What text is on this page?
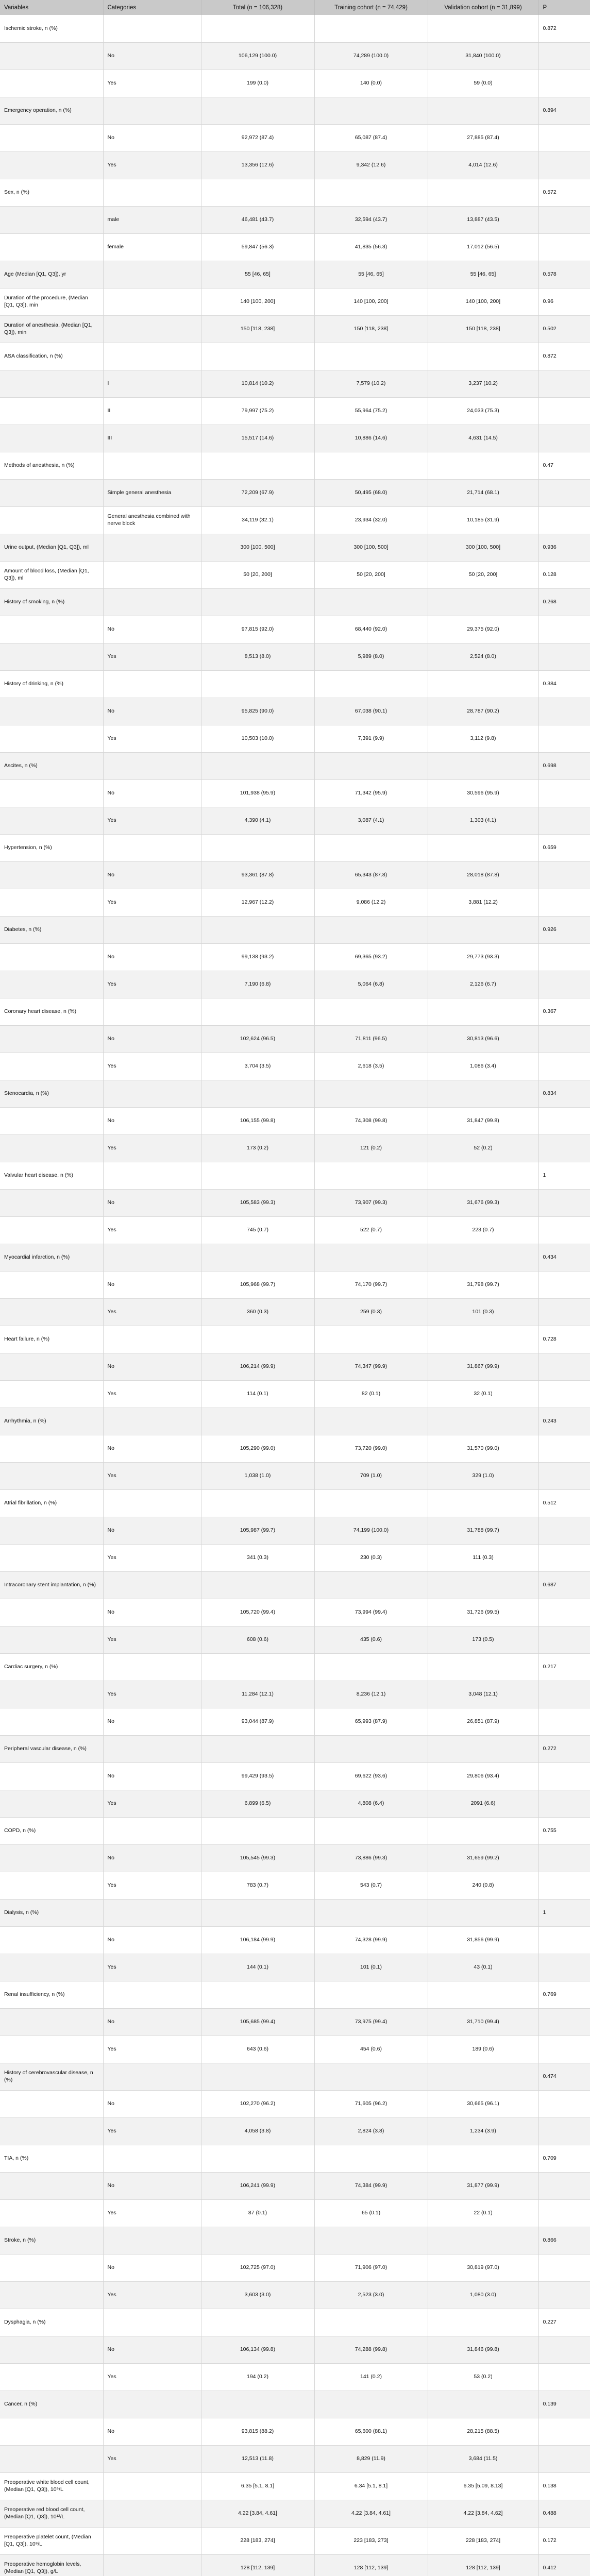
Variables	Categories	Total (n = 106,328)	Training cohort (n = 74,429)	Validation cohort (n = 31,899)	P
Ischemic stroke, n (%)					0.872
	No	106,129 (100.0)	74,289 (100.0)	31,840 (100.0)	
	Yes	199 (0.0)	140 (0.0)	59 (0.0)	
Emergency operation, n (%)					0.894
	No	92,972 (87.4)	65,087 (87.4)	27,885 (87.4)	
	Yes	13,356 (12.6)	9,342 (12.6)	4,014 (12.6)	
Sex, n (%)					0.572
	male	46,481 (43.7)	32,594 (43.7)	13,887 (43.5)	
	female	59,847 (56.3)	41,835 (56.3)	17,012 (56.5)	
Age (Median [Q1, Q3]), yr		55 [46, 65]	55 [46, 65]	55 [46, 65]	0.578
Duration of the procedure, (Median [Q1, Q3]), min		140 [100, 200]	140 [100, 200]	140 [100, 200]	0.96
Duration of anesthesia, (Median [Q1, Q3]), min		150 [118, 238]	150 [118, 238]	150 [118, 238]	0.502
ASA classification, n (%)					0.872
	I	10,814 (10.2)	7,579 (10.2)	3,237 (10.2)	
	II	79,997 (75.2)	55,964 (75.2)	24,033 (75.3)	
	III	15,517 (14.6)	10,886 (14.6)	4,631 (14.5)	
Methods of anesthesia, n (%)					0.47
	Simple general anesthesia	72,209 (67.9)	50,495 (68.0)	21,714 (68.1)	
	General anesthesia combined with nerve block	34,119 (32.1)	23,934 (32.0)	10,185 (31.9)	
Urine output, (Median [Q1, Q3]), ml		300 [100, 500]	300 [100, 500]	300 [100, 500]	0.936
Amount of blood loss, (Median [Q1, Q3]), ml		50 [20, 200]	50 [20, 200]	50 [20, 200]	0.128
History of smoking, n (%)					0.268
	No	97,815 (92.0)	68,440 (92.0)	29,375 (92.0)	
	Yes	8,513 (8.0)	5,989 (8.0)	2,524 (8.0)	
History of drinking, n (%)					0.384
	No	95,825 (90.0)	67,038 (90.1)	28,787 (90.2)	
	Yes	10,503 (10.0)	7,391 (9.9)	3,112 (9.8)	
Ascites, n (%)					0.698
	No	101,938 (95.9)	71,342 (95.9)	30,596 (95.9)	
	Yes	4,390 (4.1)	3,087 (4.1)	1,303 (4.1)	
Hypertension, n (%)					0.659
	No	93,361 (87.8)	65,343 (87.8)	28,018 (87.8)	
	Yes	12,967 (12.2)	9,086 (12.2)	3,881 (12.2)	
Diabetes, n (%)					0.926
	No	99,138 (93.2)	69,365 (93.2)	29,773 (93.3)	
	Yes	7,190 (6.8)	5,064 (6.8)	2,126 (6.7)	
Coronary heart disease, n (%)					0.367
	No	102,624 (96.5)	71,811 (96.5)	30,813 (96.6)	
	Yes	3,704 (3.5)	2,618 (3.5)	1,086 (3.4)	
Stenocardia, n (%)					0.834
	No	106,155 (99.8)	74,308 (99.8)	31,847 (99.8)	
	Yes	173 (0.2)	121 (0.2)	52 (0.2)	
Valvular heart disease, n (%)					1
	No	105,583 (99.3)	73,907 (99.3)	31,676 (99.3)	
	Yes	745 (0.7)	522 (0.7)	223 (0.7)	
Myocardial infarction, n (%)					0.434
	No	105,968 (99.7)	74,170 (99.7)	31,798 (99.7)	
	Yes	360 (0.3)	259 (0.3)	101 (0.3)	
Heart failure, n (%)					0.728
	No	106,214 (99.9)	74,347 (99.9)	31,867 (99.9)	
	Yes	114 (0.1)	82 (0.1)	32 (0.1)	
Arrhythmia, n (%)					0.243
	No	105,290 (99.0)	73,720 (99.0)	31,570 (99.0)	
	Yes	1,038 (1.0)	709 (1.0)	329 (1.0)	
Atrial fibrillation, n (%)					0.512
	No	105,987 (99.7)	74,199 (100.0)	31,788 (99.7)	
	Yes	341 (0.3)	230 (0.3)	111 (0.3)	
Intracoronary stent implantation, n (%)					0.687
	No	105,720 (99.4)	73,994 (99.4)	31,726 (99.5)	
	Yes	608 (0.6)	435 (0.6)	173 (0.5)	
Cardiac surgery, n (%)					0.217
	Yes	11,284 (12.1)	8,236 (12.1)	3,048 (12.1)	
	No	93,044 (87.9)	65,993 (87.9)	26,851 (87.9)	
Peripheral vascular disease, n (%)					0.272
	No	99,429 (93.5)	69,622 (93.6)	29,806 (93.4)	
	Yes	6,899 (6.5)	4,808 (6.4)	2091 (6.6)	
COPD, n (%)					0.755
	No	105,545 (99.3)	73,886 (99.3)	31,659 (99.2)	
	Yes	783 (0.7)	543 (0.7)	240 (0.8)	
Dialysis, n (%)					1
	No	106,184 (99.9)	74,328 (99.9)	31,856 (99.9)	
	Yes	144 (0.1)	101 (0.1)	43 (0.1)	
Renal insufficiency, n (%)					0.769
	No	105,685 (99.4)	73,975 (99.4)	31,710 (99.4)	
	Yes	643 (0.6)	454 (0.6)	189 (0.6)	
History of cerebrovascular disease, n (%)					0.474
	No	102,270 (96.2)	71,605 (96.2)	30,665 (96.1)	
	Yes	4,058 (3.8)	2,824 (3.8)	1,234 (3.9)	
TIA, n (%)					0.709
	No	106,241 (99.9)	74,384 (99.9)	31,877 (99.9)	
	Yes	87 (0.1)	65 (0.1)	22 (0.1)	
Stroke, n (%)					0.866
	No	102,725 (97.0)	71,906 (97.0)	30,819 (97.0)	
	Yes	3,603 (3.0)	2,523 (3.0)	1,080 (3.0)	
Dysphagia, n (%)					0.227
	No	106,134 (99.8)	74,288 (99.8)	31,846 (99.8)	
	Yes	194 (0.2)	141 (0.2)	53 (0.2)	
Cancer, n (%)					0.139
	No	93,815 (88.2)	65,600 (88.1)	28,215 (88.5)	
	Yes	12,513 (11.8)	8,829 (11.9)	3,684 (11.5)	
Preoperative white blood cell count, (Median [Q1, Q3]), 10⁹/L		6.35 [5.1, 8.1]	6.34 [5.1, 8.1]	6.35 [5.09, 8.13]	0.138
Preoperative red blood cell count, (Median [Q1, Q3]), 10¹²/L		4.22 [3.84, 4.61]	4.22 [3.84, 4.61]	4.22 [3.84, 4.62]	0.488
Preoperative platelet count, (Median [Q1, Q3]), 10⁹/L		228 [183, 274]	223 [183, 273]	228 [183, 274]	0.172
Preoperative hemoglobin levels, (Median [Q1, Q3]), g/L		128 [112, 139]	128 [112, 139]	128 [112, 139]	0.412
